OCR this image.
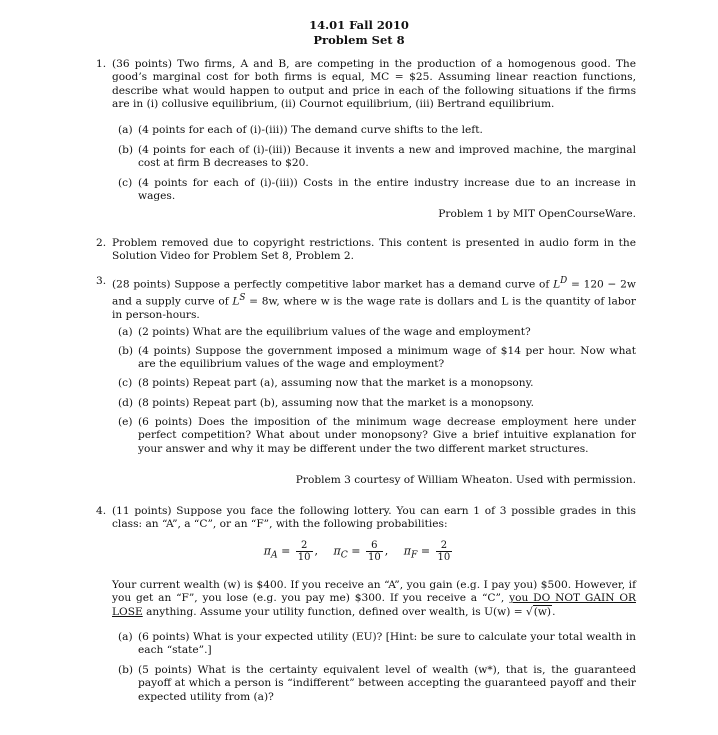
14.01 Fall 2010
Problem Set 8
1. (36 points) Two firms, A and B, are competing in the production of a homogenous good. The good’s marginal cost for both firms is equal, MC = $25. Assuming linear reaction functions, describe what would happen to output and price in each of the following situations if the firms are in (i) collusive equilibrium, (ii) Cournot equilibrium, (iii) Bertrand equilibrium.
(a) (4 points for each of (i)-(iii)) The demand curve shifts to the left.
(b) (4 points for each of (i)-(iii)) Because it invents a new and improved machine, the marginal cost at firm B decreases to $20.
(c) (4 points for each of (i)-(iii)) Costs in the entire industry increase due to an increase in wages.
Problem 1 by MIT OpenCourseWare.
2. Problem removed due to copyright restrictions. This content is presented in audio form in the Solution Video for Problem Set 8, Problem 2.
3. (28 points) Suppose a perfectly competitive labor market has a demand curve of $L^D = 120 - 2w$ and a supply curve of $L^S = 8w$, where w is the wage rate is dollars and L is the quantity of labor in person-hours.
(a) (2 points) What are the equilibrium values of the wage and employment?
(b) (4 points) Suppose the government imposed a minimum wage of $14 per hour. Now what are the equilibrium values of the wage and employment?
(c) (8 points) Repeat part (a), assuming now that the market is a monopsony.
(d) (8 points) Repeat part (b), assuming now that the market is a monopsony.
(e) (6 points) Does the imposition of the minimum wage decrease employment here under perfect competition? What about under monopsony? Give a brief intuitive explanation for your answer and why it may be different under the two different market structures.
Problem 3 courtesy of William Wheaton. Used with permission.
4. (11 points) Suppose you face the following lottery. You can earn 1 of 3 possible grades in this class: an “A”, a “C”, or an “F”, with the following probabilities:
$\pi_A = \frac{2}{10}$ , $\pi_C = \frac{6}{10}$ , $\pi_F = \frac{2}{10}$
Your current wealth (w) is $400. If you receive an “A”, you gain (e.g. I pay you) $500. However, if you get an “F”, you lose (e.g. you pay me) $300. If you receive a “C”, you DO NOT GAIN OR LOSE anything. Assume your utility function, defined over wealth, is U(w) = √(w).
(a) (6 points) What is your expected utility (EU)? [Hint: be sure to calculate your total wealth in each “state”.]
(b) (5 points) What is the certainty equivalent level of wealth (w*), that is, the guaranteed payoff at which a person is “indifferent” between accepting the guaranteed payoff and their expected utility from (a)?
